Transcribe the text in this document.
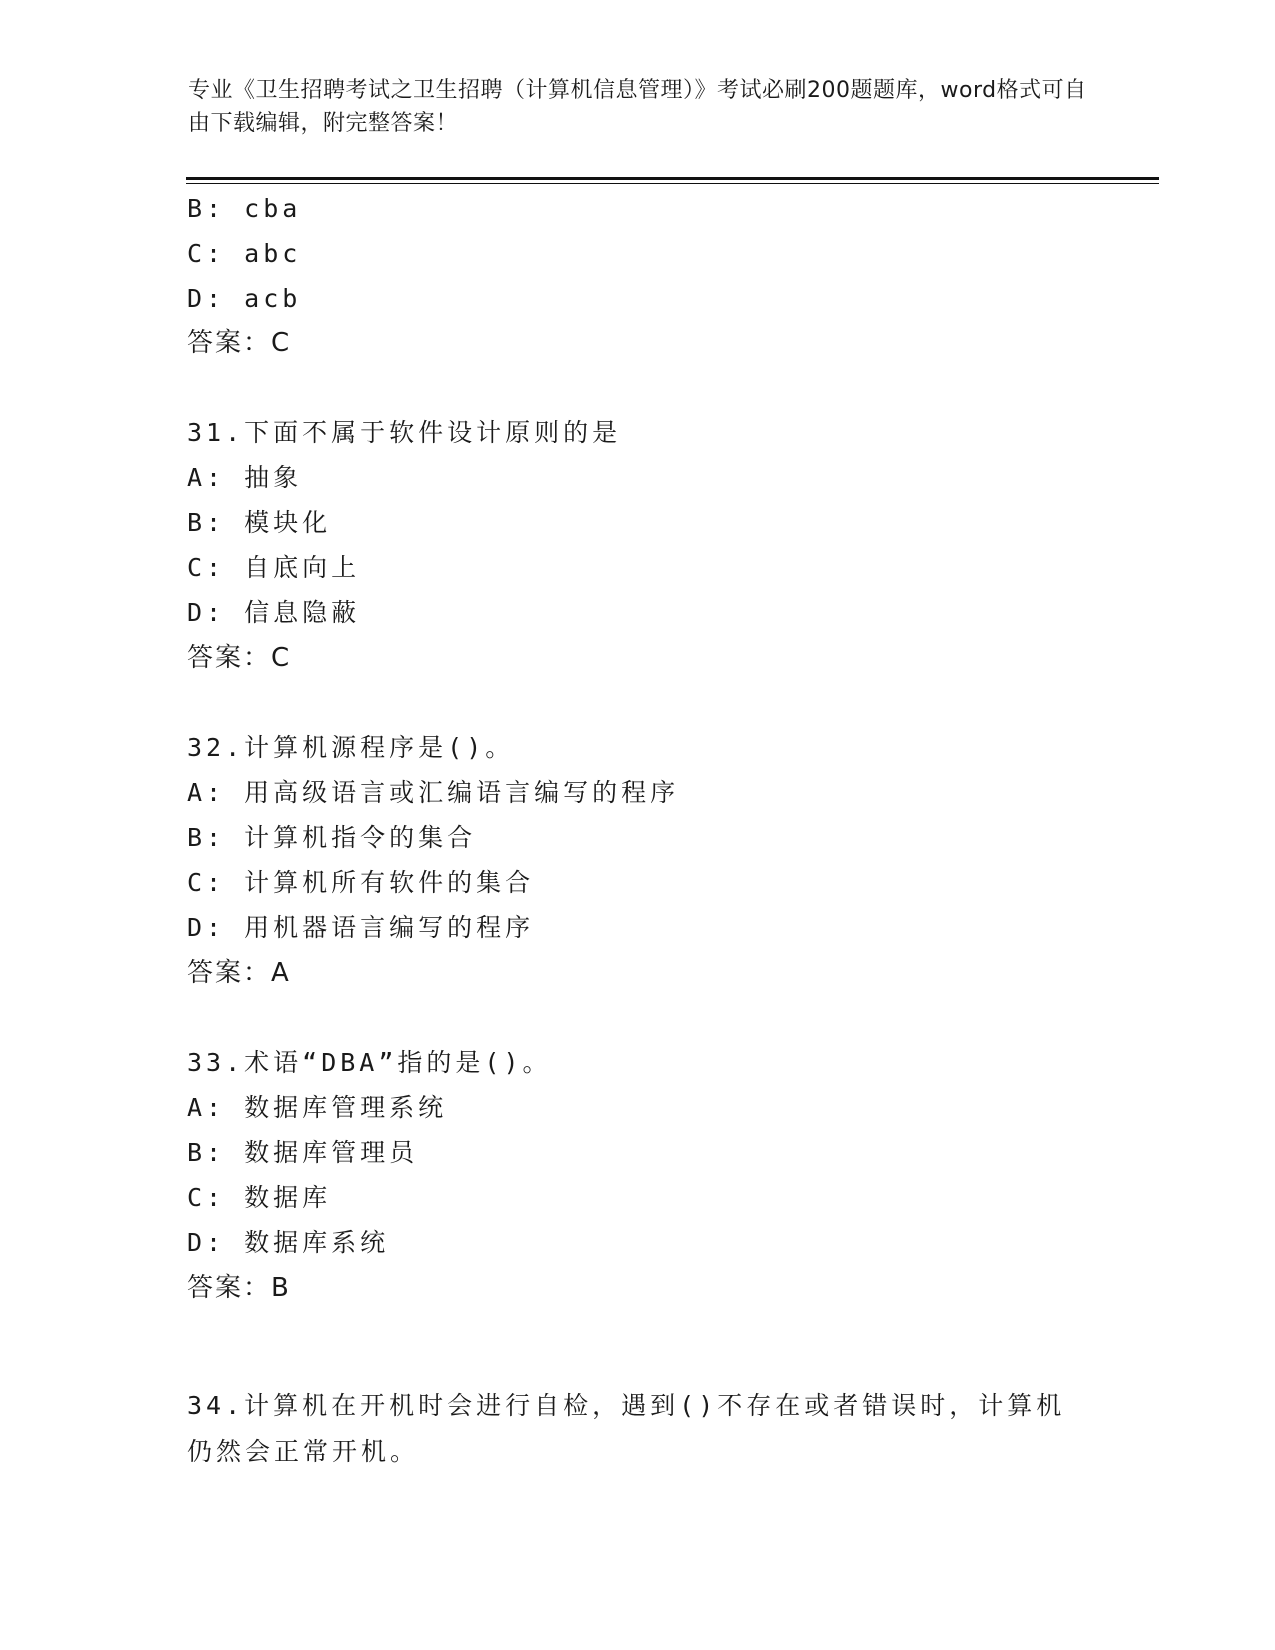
专业《卫生招聘考试之卫生招聘（计算机信息管理）》考试必刷200题题库，word格式可自由下载编辑，附完整答案！
B: cba
C: abc
D: acb
答案：C
31.下面不属于软件设计原则的是
A: 抽象
B: 模块化
C: 自底向上
D: 信息隐蔽
答案：C
32.计算机源程序是()。
A: 用高级语言或汇编语言编写的程序
B: 计算机指令的集合
C: 计算机所有软件的集合
D: 用机器语言编写的程序
答案：A
33.术语“DBA”指的是()。
A: 数据库管理系统
B: 数据库管理员
C: 数据库
D: 数据库系统
答案：B
34.计算机在开机时会进行自检，遇到()不存在或者错误时，计算机仍然会正常开机。
